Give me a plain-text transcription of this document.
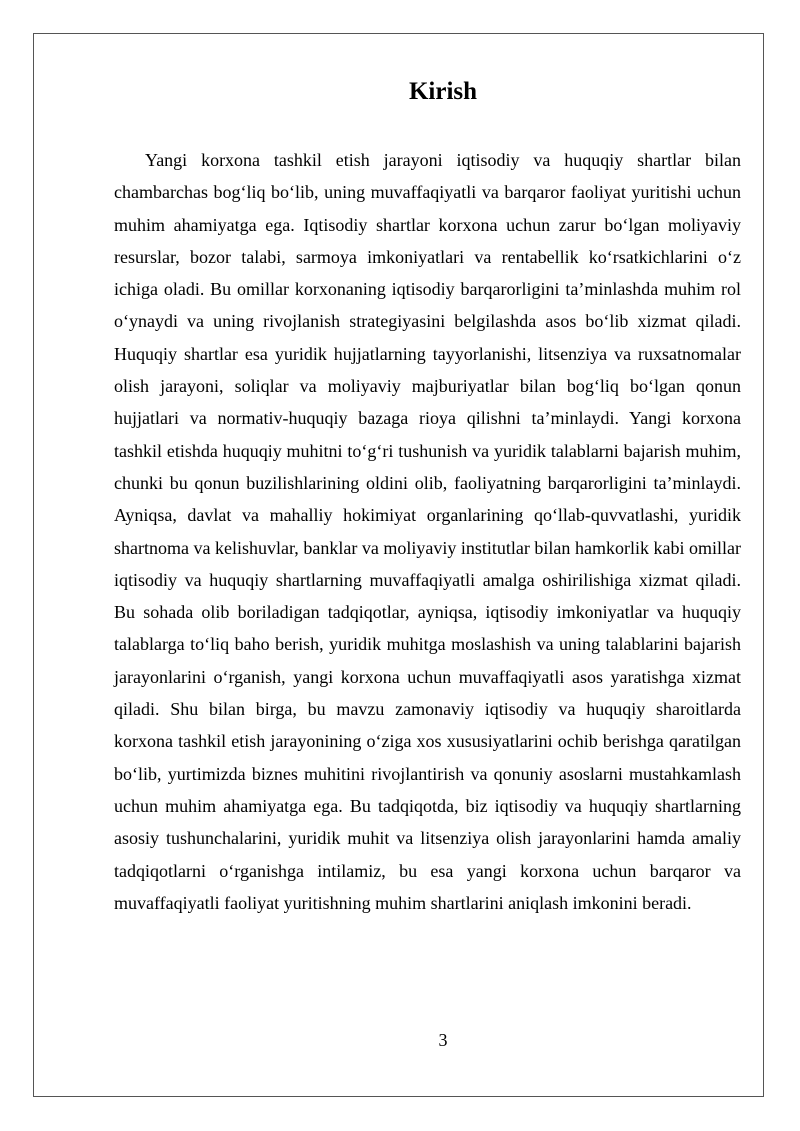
Kirish

Yangi korxona tashkil etish jarayoni iqtisodiy va huquqiy shartlar bilan chambarchas bog‘liq bo‘lib, uning muvaffaqiyatli va barqaror faoliyat yuritishi uchun muhim ahamiyatga ega. Iqtisodiy shartlar korxona uchun zarur bo‘lgan moliyaviy resurslar, bozor talabi, sarmoya imkoniyatlari va rentabellik ko‘rsatkichlarini o‘z ichiga oladi. Bu omillar korxonaning iqtisodiy barqarorligini ta’minlashda muhim rol o‘ynaydi va uning rivojlanish strategiyasini belgilashda asos bo‘lib xizmat qiladi. Huquqiy shartlar esa yuridik hujjatlarning tayyorlanishi, litsenziya va ruxsatnomalar olish jarayoni, soliqlar va moliyaviy majburiyatlar bilan bog‘liq bo‘lgan qonun hujjatlari va normativ-huquqiy bazaga rioya qilishni ta’minlaydi. Yangi korxona tashkil etishda huquqiy muhitni to‘g‘ri tushunish va yuridik talablarni bajarish muhim, chunki bu qonun buzilishlarining oldini olib, faoliyatning barqarorligini ta’minlaydi. Ayniqsa, davlat va mahalliy hokimiyat organlarining qo‘llab-quvvatlashi, yuridik shartnoma va kelishuvlar, banklar va moliyaviy institutlar bilan hamkorlik kabi omillar iqtisodiy va huquqiy shartlarning muvaffaqiyatli amalga oshirilishiga xizmat qiladi. Bu sohada olib boriladigan tadqiqotlar, ayniqsa, iqtisodiy imkoniyatlar va huquqiy talablarga to‘liq baho berish, yuridik muhitga moslashish va uning talablarini bajarish jarayonlarini o‘rganish, yangi korxona uchun muvaffaqiyatli asos yaratishga xizmat qiladi. Shu bilan birga, bu mavzu zamonaviy iqtisodiy va huquqiy sharoitlarda korxona tashkil etish jarayonining o‘ziga xos xususiyatlarini ochib berishga qaratilgan bo‘lib, yurtimizda biznes muhitini rivojlantirish va qonuniy asoslarni mustahkamlash uchun muhim ahamiyatga ega. Bu tadqiqotda, biz iqtisodiy va huquqiy shartlarning asosiy tushunchalarini, yuridik muhit va litsenziya olish jarayonlarini hamda amaliy tadqiqotlarni o‘rganishga intilamiz, bu esa yangi korxona uchun barqaror va muvaffaqiyatli faoliyat yuritishning muhim shartlarini aniqlash imkonini beradi.

3
